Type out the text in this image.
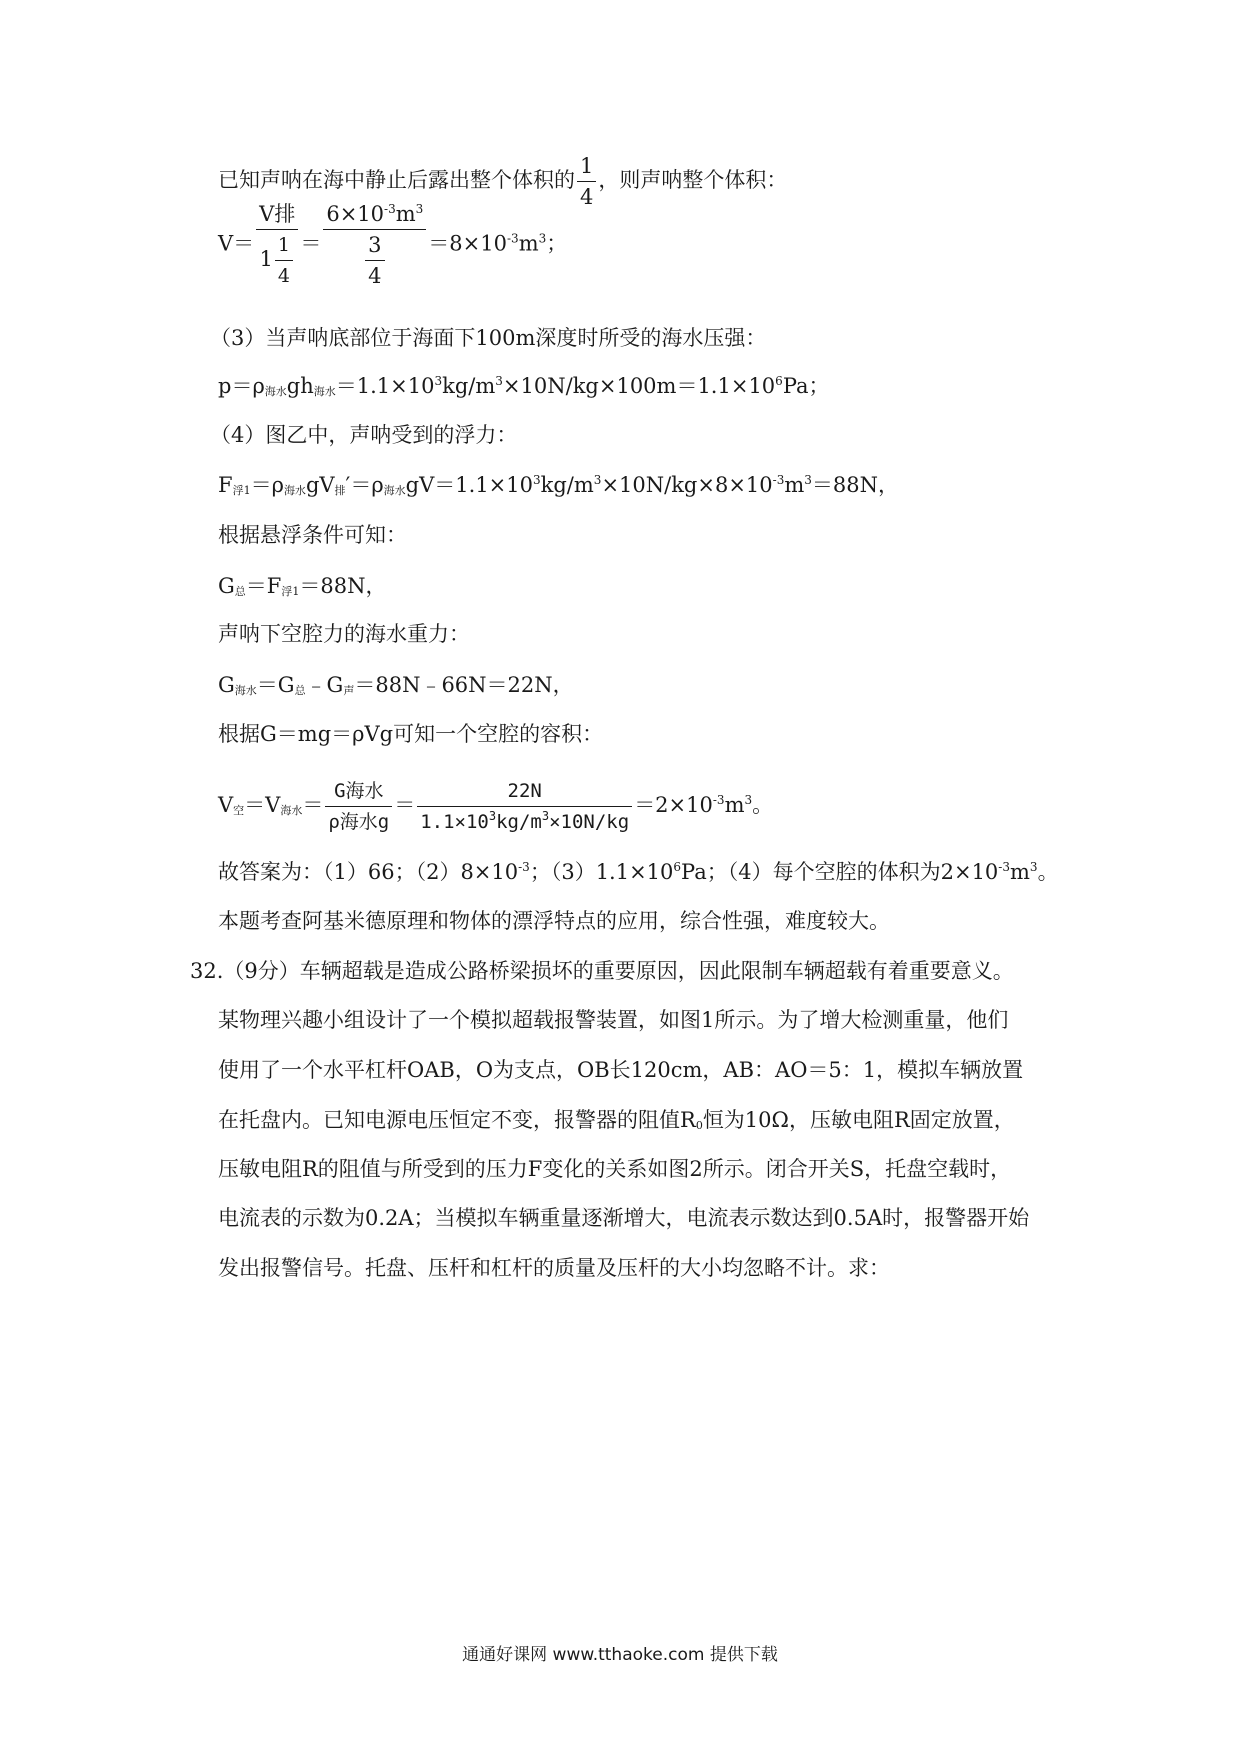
已知声呐在海中静止后露出整个体积的 $\frac{1}{4}$ ，则声呐整个体积：
$V= \frac{\text{V排}}{1 \frac{1}{4}} = \frac{6\times 10^{-3}m^3}{\frac{3}{4}} =8\times 10^{-3}m^3$；
（3）当声呐底部位于海面下100m深度时所受的海水压强：
$p=\rho_{海水}gh_{海水}=1.1\times 10^3kg/m^3\times 10N/kg\times 100m=1.1\times 10^6Pa$；
（4）图乙中，声呐受到的浮力：
$F_{浮1}=\rho_{海水}gV_排'=\rho_{海水}gV=1.1\times 10^3kg/m^3\times 10N/kg\times 8\times 10^{-3}m^3=88N$，
根据悬浮条件可知：
$G_总=F_{浮1}=88N$，
声呐下空腔力的海水重力：
$G_{海水}=G_总﹣G_声=88N﹣66N=22N$，
根据G＝mg＝ρVg可知一个空腔的容积：
$V_空=V_{海水}= \frac{\text{G海水}}{\text{ρ海水g}} = \frac{22N}{1.1\times 10^3kg/m^3\times 10N/kg} =2\times 10^{-3}m^3$。
故答案为：（1）66；$(2)8\times 10^{-3}$；$(3)1.1\times 10^6Pa$；（4）每个空腔的体积为$2\times 10^{-3}m^3$。
本题考查阿基米德原理和物体的漂浮特点的应用，综合性强，难度较大。
32.（9分）车辆超载是造成公路桥梁损坏的重要原因，因此限制车辆超载有着重要意义。
某物理兴趣小组设计了一个模拟超载报警装置，如图1所示。为了增大检测重量，他们
使用了一个水平杠杆OAB，O为支点，OB长120cm，AB：AO＝5：1，模拟车辆放置
在托盘内。已知电源电压恒定不变，报警器的阻值$R_0$恒为10Ω，压敏电阻R固定放置，
压敏电阻R的阻值与所受到的压力F变化的关系如图2所示。闭合开关S，托盘空载时，
电流表的示数为0.2A；当模拟车辆重量逐渐增大，电流表示数达到0.5A时，报警器开始
发出报警信号。托盘、压杆和杠杆的质量及压杆的大小均忽略不计。求：
通通好课网 www.tthaoke.com 提供下载
